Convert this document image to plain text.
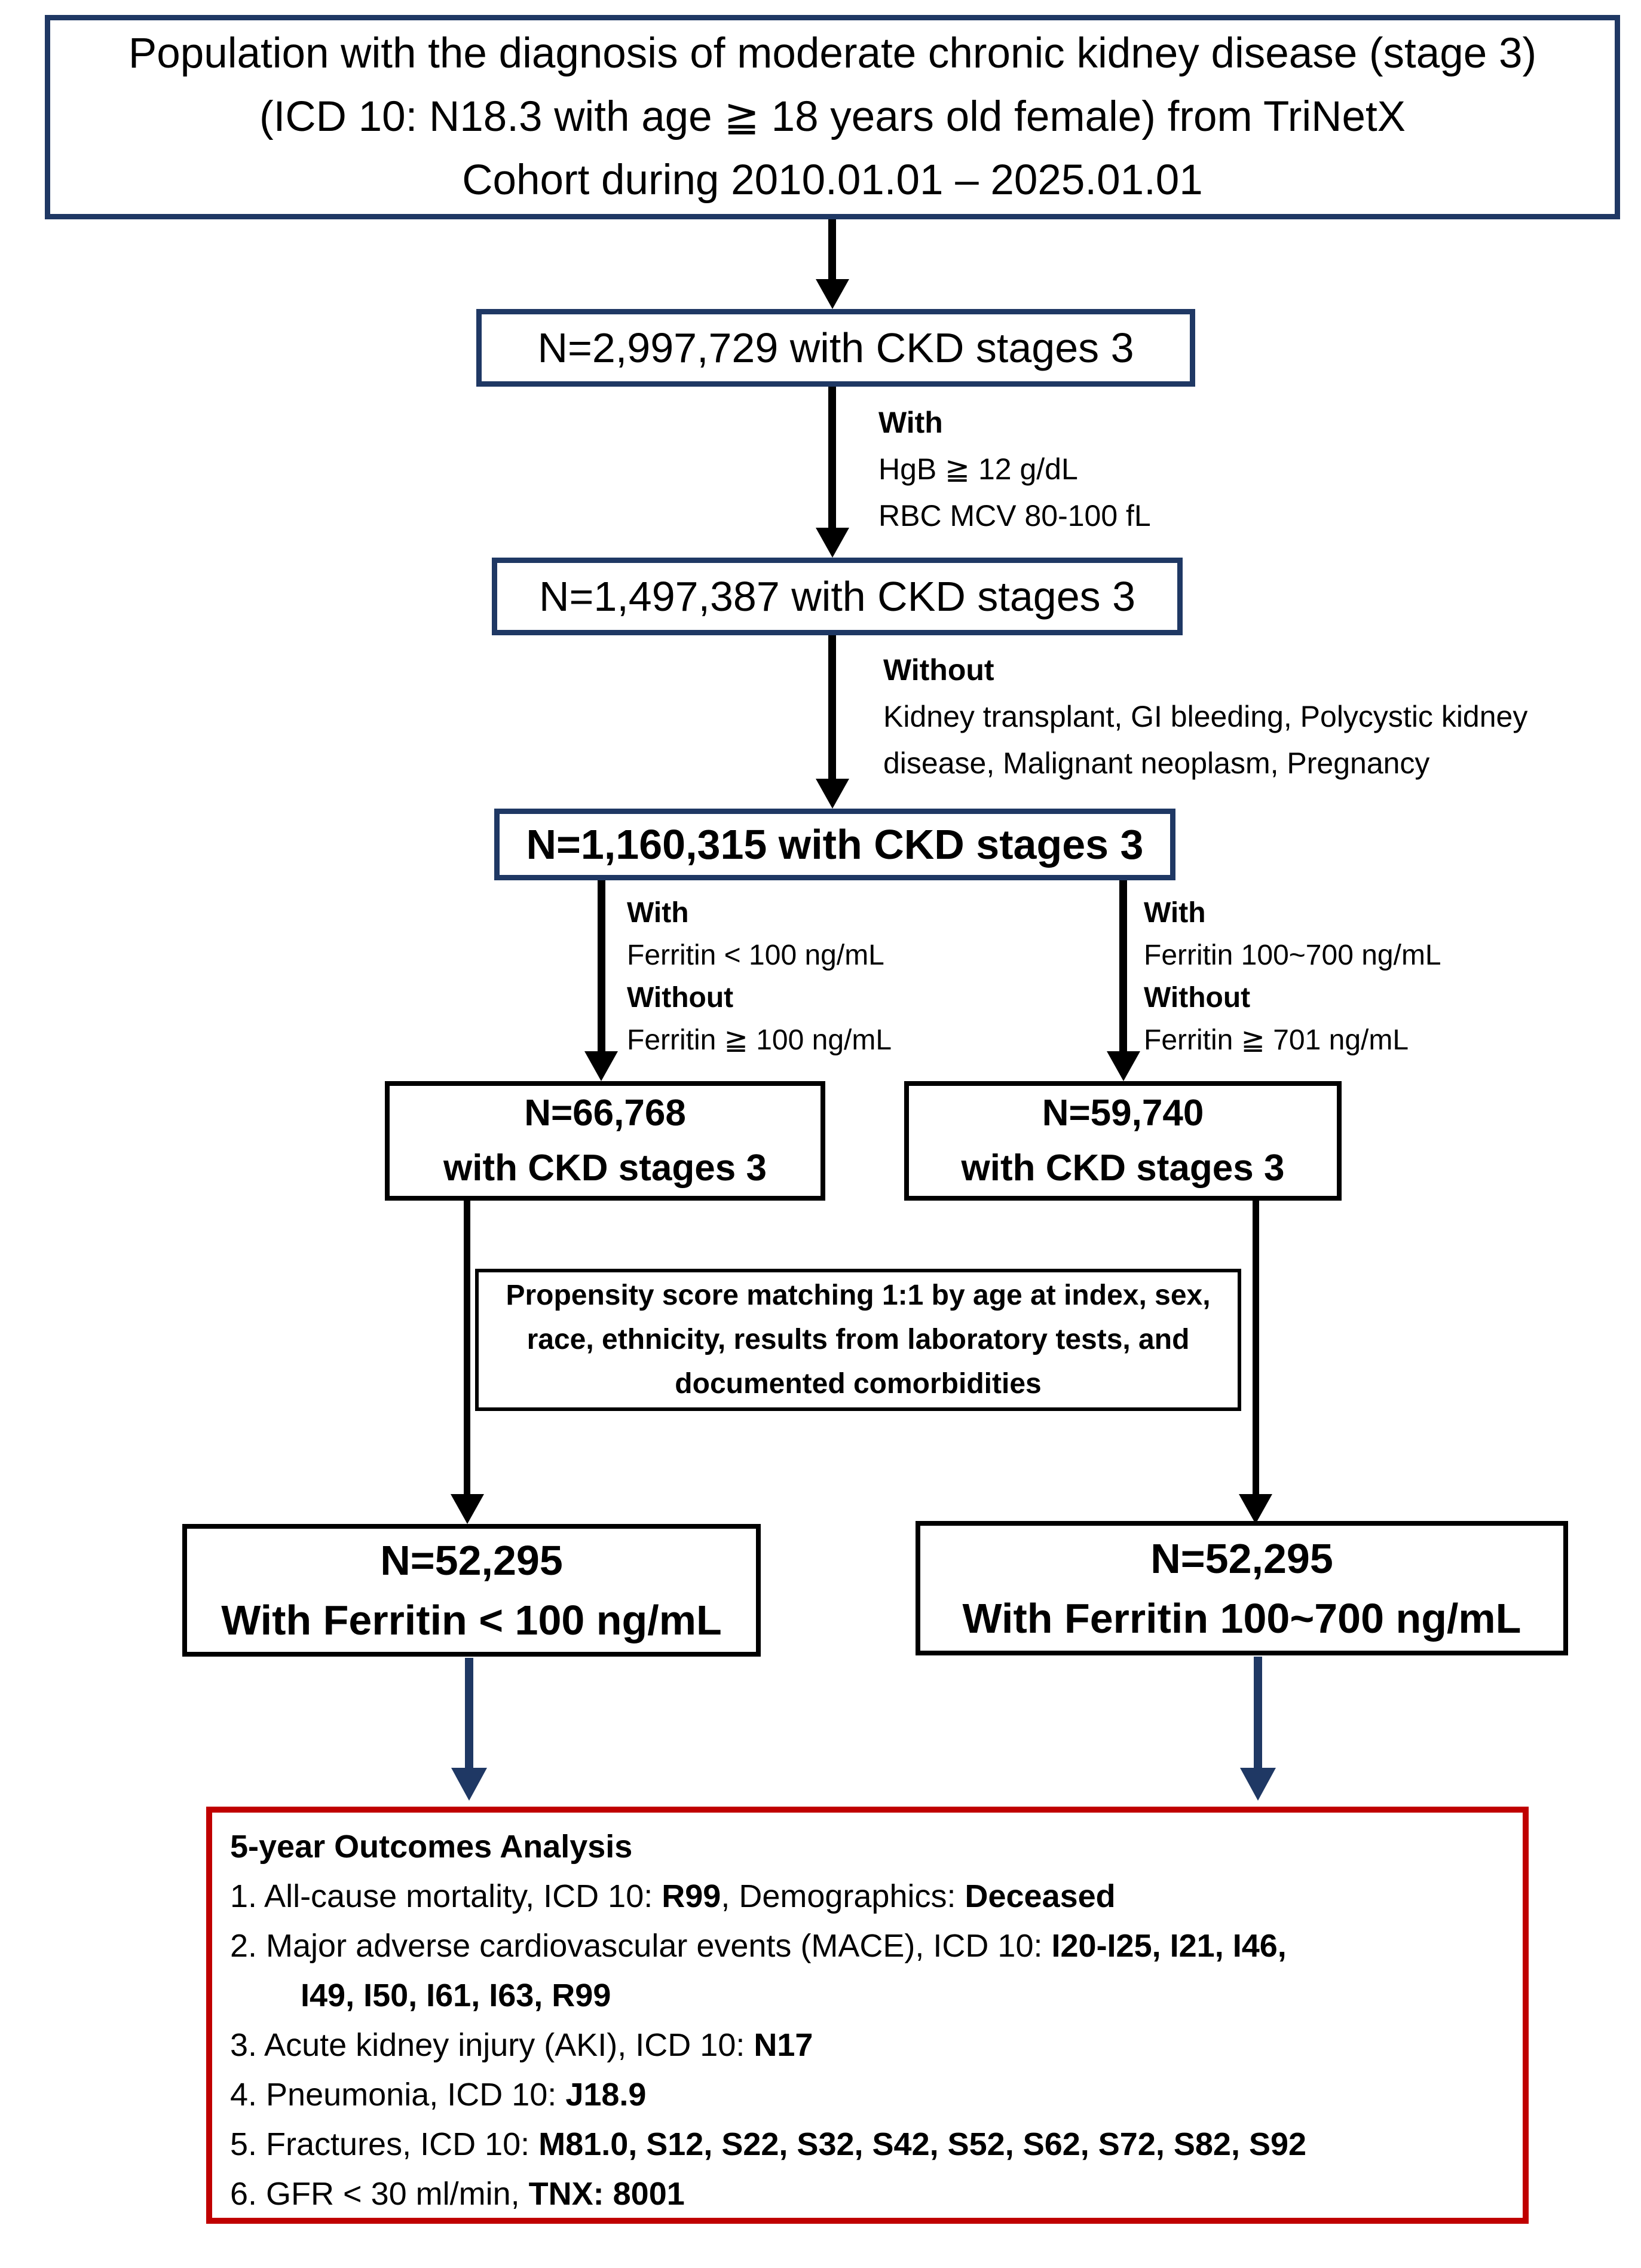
Population with the diagnosis of moderate chronic kidney disease (stage 3)
(ICD 10: N18.3 with age ≧ 18 years old female) from TriNetX
Cohort during 2010.01.01 – 2025.01.01
N=2,997,729 with CKD stages 3
With
HgB ≧ 12 g/dL
RBC MCV 80-100 fL
N=1,497,387 with CKD stages 3
Without
Kidney transplant, GI bleeding, Polycystic kidney
disease, Malignant neoplasm, Pregnancy
N=1,160,315 with CKD stages 3
With
Ferritin < 100 ng/mL
Without
Ferritin ≧ 100 ng/mL
With
Ferritin 100~700 ng/mL
Without
Ferritin ≧ 701 ng/mL
N=66,768
with CKD stages 3
N=59,740
with CKD stages 3
Propensity score matching 1:1 by age at index, sex,
race, ethnicity, results from laboratory tests, and
documented comorbidities
N=52,295
With Ferritin < 100 ng/mL
N=52,295
With Ferritin 100~700 ng/mL
5-year Outcomes Analysis
1. All-cause mortality, ICD 10: R99, Demographics: Deceased
2. Major adverse cardiovascular events (MACE), ICD 10: I20-I25, I21, I46,
I49, I50, I61, I63, R99
3. Acute kidney injury (AKI), ICD 10: N17
4. Pneumonia, ICD 10: J18.9
5. Fractures, ICD 10: M81.0, S12, S22, S32, S42, S52, S62, S72, S82, S92
6. GFR < 30 ml/min, TNX: 8001
